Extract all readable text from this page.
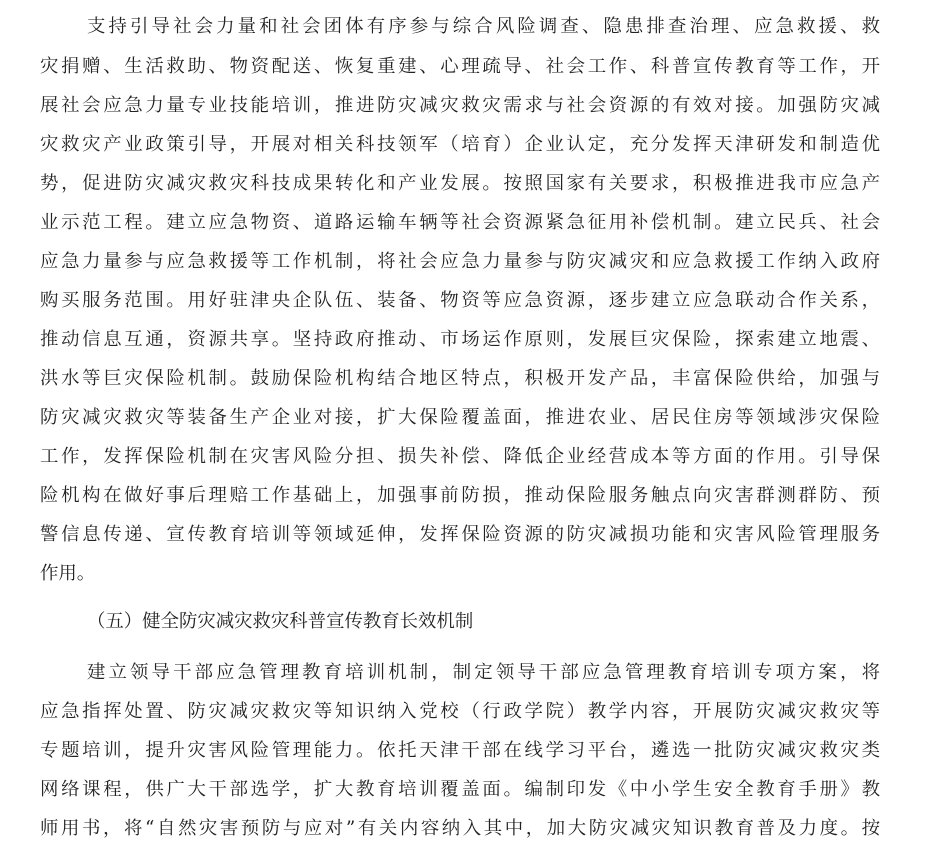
支持引导社会力量和社会团体有序参与综合风险调查、隐患排查治理、应急救援、救
灾捐赠、生活救助、物资配送、恢复重建、心理疏导、社会工作、科普宣传教育等工作，开
展社会应急力量专业技能培训，推进防灾减灾救灾需求与社会资源的有效对接。加强防灾减
灾救灾产业政策引导，开展对相关科技领军（培育）企业认定，充分发挥天津研发和制造优
势，促进防灾减灾救灾科技成果转化和产业发展。按照国家有关要求，积极推进我市应急产
业示范工程。建立应急物资、道路运输车辆等社会资源紧急征用补偿机制。建立民兵、社会
应急力量参与应急救援等工作机制，将社会应急力量参与防灾减灾和应急救援工作纳入政府
购买服务范围。用好驻津央企队伍、装备、物资等应急资源，逐步建立应急联动合作关系，
推动信息互通，资源共享。坚持政府推动、市场运作原则，发展巨灾保险，探索建立地震、
洪水等巨灾保险机制。鼓励保险机构结合地区特点，积极开发产品，丰富保险供给，加强与
防灾减灾救灾等装备生产企业对接，扩大保险覆盖面，推进农业、居民住房等领域涉灾保险
工作，发挥保险机制在灾害风险分担、损失补偿、降低企业经营成本等方面的作用。引导保
险机构在做好事后理赔工作基础上，加强事前防损，推动保险服务触点向灾害群测群防、预
警信息传递、宣传教育培训等领域延伸，发挥保险资源的防灾减损功能和灾害风险管理服务
作用。
（五）健全防灾减灾救灾科普宣传教育长效机制
建立领导干部应急管理教育培训机制，制定领导干部应急管理教育培训专项方案，将
应急指挥处置、防灾减灾救灾等知识纳入党校（行政学院）教学内容，开展防灾减灾救灾等
专题培训，提升灾害风险管理能力。依托天津干部在线学习平台，遴选一批防灾减灾救灾类
网络课程，供广大干部选学，扩大教育培训覆盖面。编制印发《中小学生安全教育手册》教
师用书，将“自然灾害预防与应对”有关内容纳入其中，加大防灾减灾知识教育普及力度。按
